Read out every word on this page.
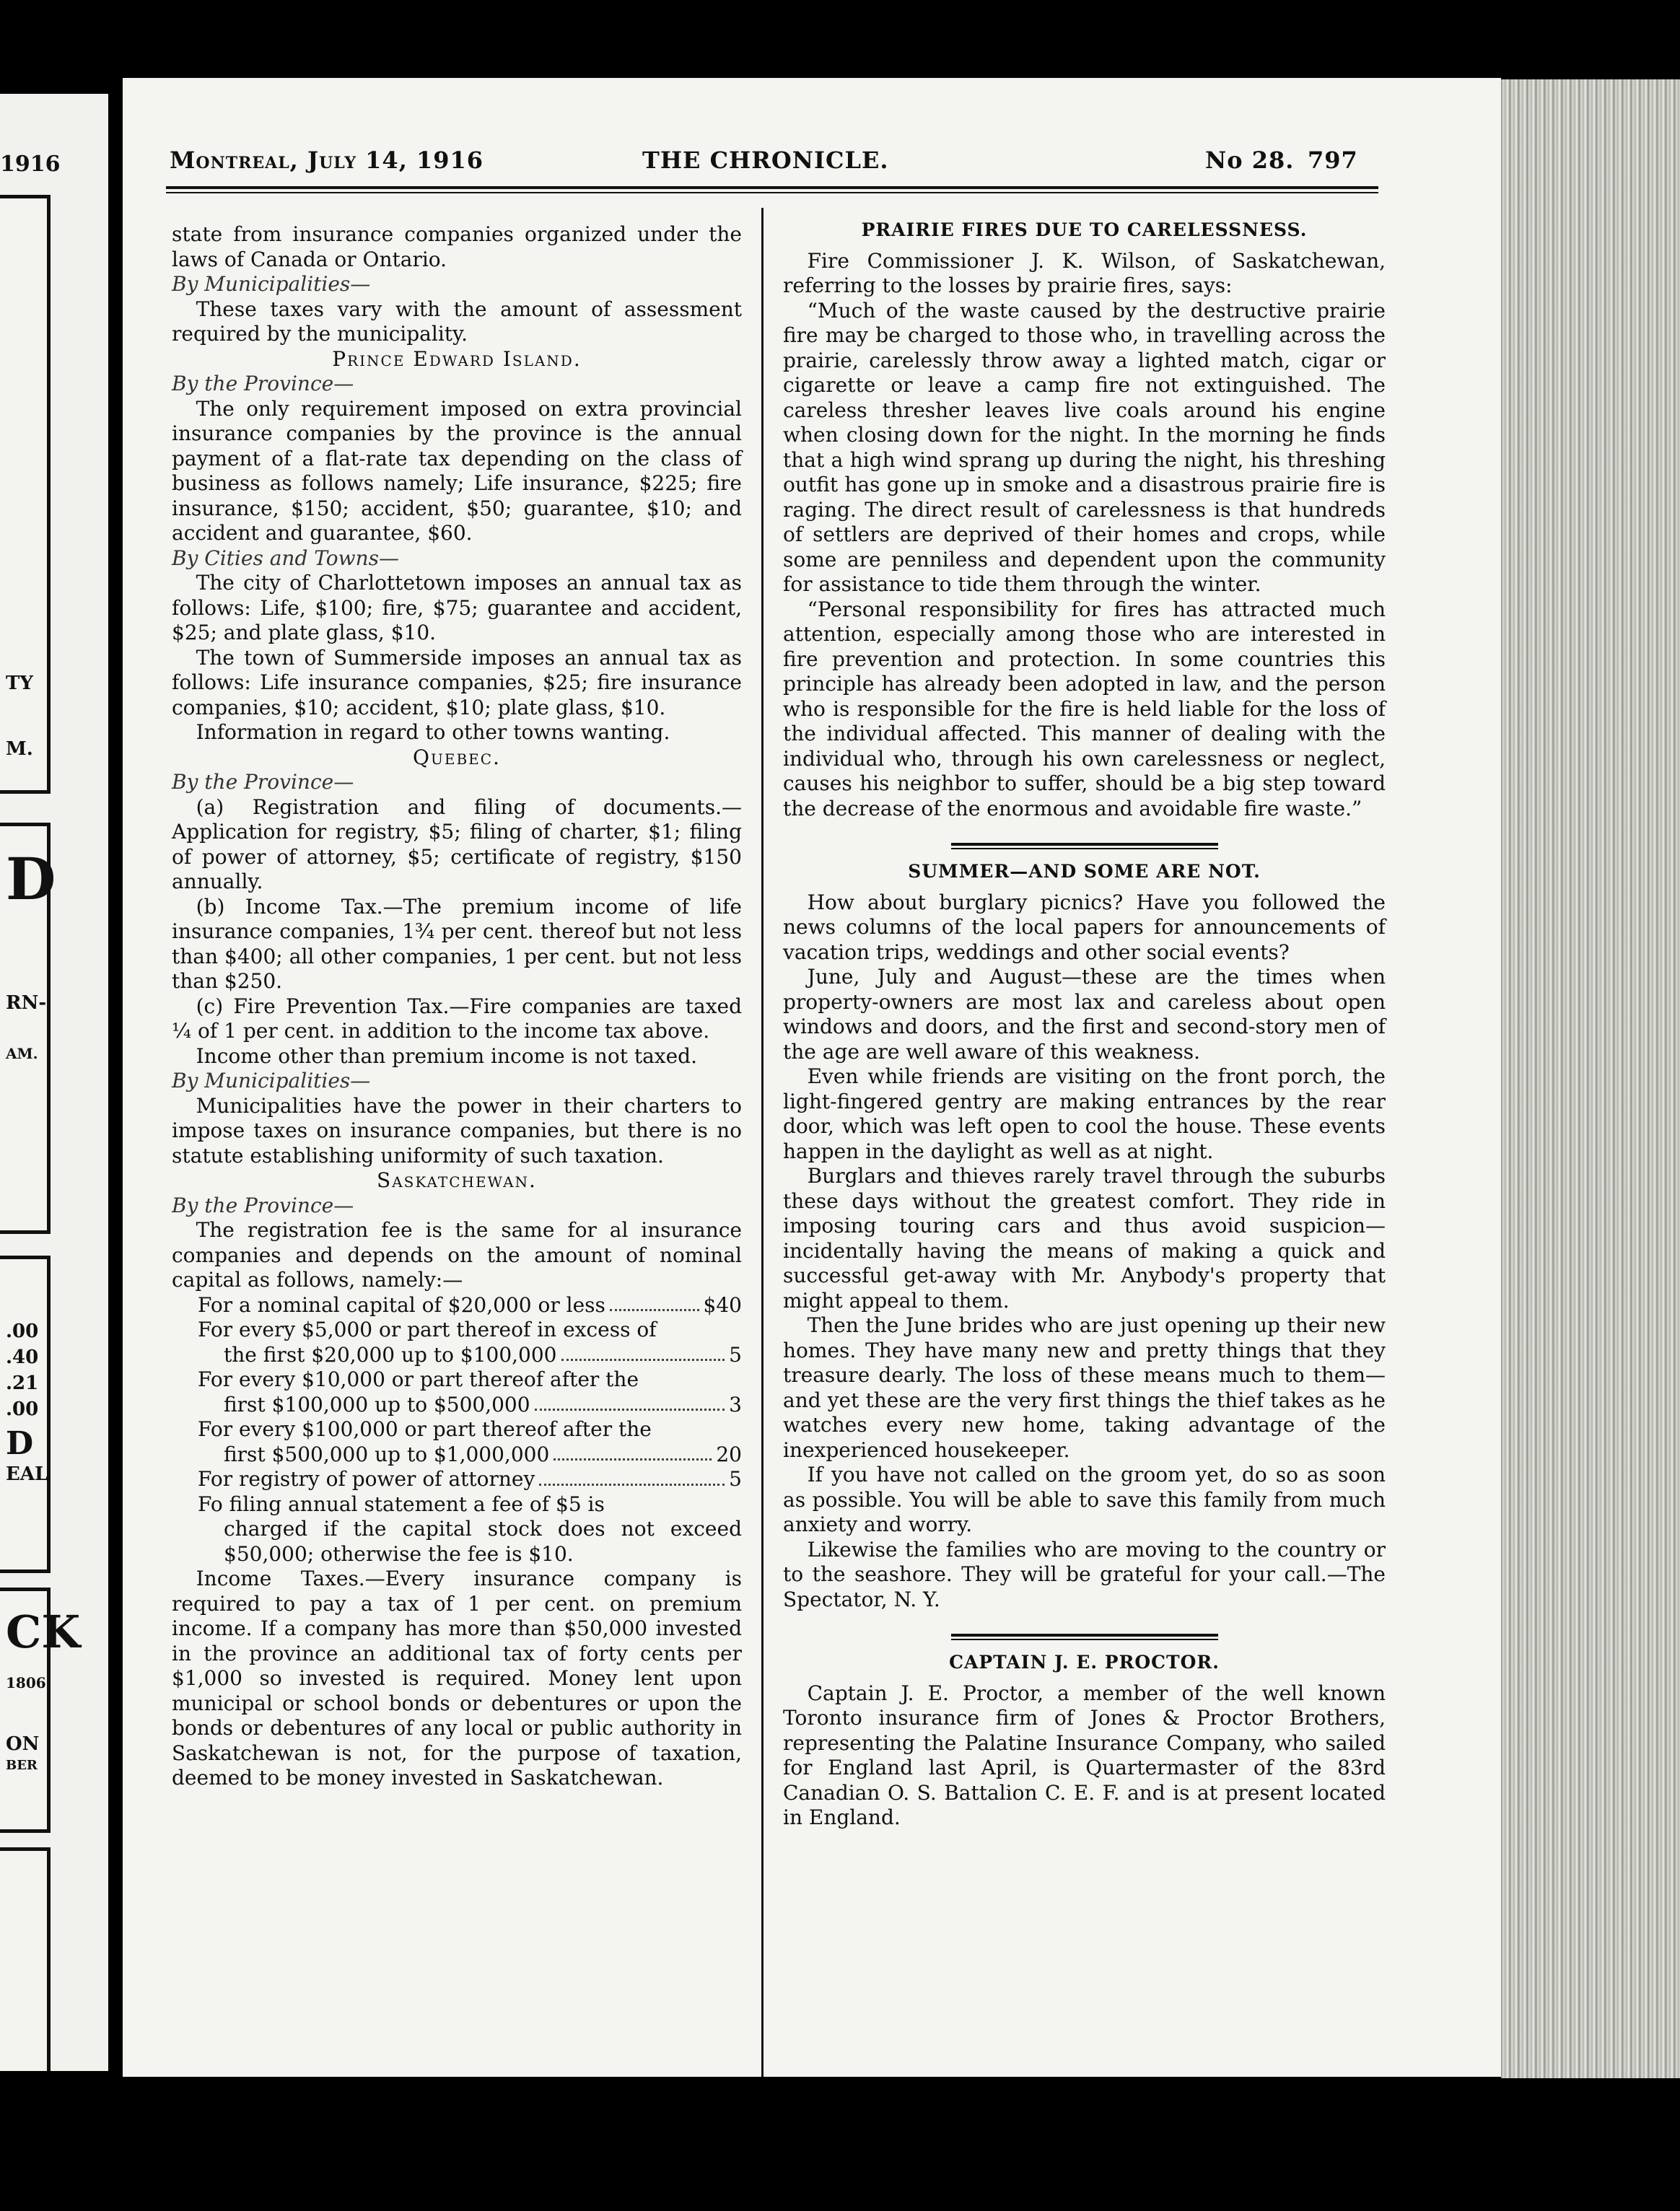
1916
TY
M.
D
RN-
AM.
.00
.40
.21
.00
D
EAL
CK
1806
ON
BER
Montreal, July 14, 1916	THE CHRONICLE.	No 28. 797

state from insurance companies organized under the laws of Canada or Ontario.

By Municipalities—

These taxes vary with the amount of assessment required by the municipality.

Prince Edward Island.

By the Province—

The only requirement imposed on extra provincial insurance companies by the province is the annual payment of a flat-rate tax depending on the class of business as follows namely; Life insurance, $225; fire insurance, $150; accident, $50; guarantee, $10; and accident and guarantee, $60.

By Cities and Towns—

The city of Charlottetown imposes an annual tax as follows: Life, $100; fire, $75; guarantee and accident, $25; and plate glass, $10.

The town of Summerside imposes an annual tax as follows: Life insurance companies, $25; fire insurance companies, $10; accident, $10; plate glass, $10.

Information in regard to other towns wanting.

Quebec.

By the Province—

(a) Registration and filing of documents.—Application for registry, $5; filing of charter, $1; filing of power of attorney, $5; certificate of registry, $150 annually.

(b) Income Tax.—The premium income of life insurance companies, 1¾ per cent. thereof but not less than $400; all other companies, 1 per cent. but not less than $250.

(c) Fire Prevention Tax.—Fire companies are taxed ¼ of 1 per cent. in addition to the income tax above.

Income other than premium income is not taxed.

By Municipalities—

Municipalities have the power in their charters to impose taxes on insurance companies, but there is no statute establishing uniformity of such taxation.

Saskatchewan.

By the Province—

The registration fee is the same for al insurance companies and depends on the amount of nominal capital as follows, namely:—

For a nominal capital of $20,000 or less	$40
For every $5,000 or part thereof in excess of
the first $20,000 up to $100,000	5
For every $10,000 or part thereof after the
first $100,000 up to $500,000	3
For every $100,000 or part thereof after the
first $500,000 up to $1,000,000	20
For registry of power of attorney	5
Fo filing annual statement a fee of $5 is
charged if the capital stock does not exceed $50,000; otherwise the fee is $10.

Income Taxes.—Every insurance company is required to pay a tax of 1 per cent. on premium income. If a company has more than $50,000 invested in the province an additional tax of forty cents per $1,000 so invested is required. Money lent upon municipal or school bonds or debentures or upon the bonds or debentures of any local or public authority in Saskatchewan is not, for the purpose of taxation, deemed to be money invested in Saskatchewan.

PRAIRIE FIRES DUE TO CARELESSNESS.

Fire Commissioner J. K. Wilson, of Saskatchewan, referring to the losses by prairie fires, says:

“Much of the waste caused by the destructive prairie fire may be charged to those who, in travelling across the prairie, carelessly throw away a lighted match, cigar or cigarette or leave a camp fire not extinguished. The careless thresher leaves live coals around his engine when closing down for the night. In the morning he finds that a high wind sprang up during the night, his threshing outfit has gone up in smoke and a disastrous prairie fire is raging. The direct result of carelessness is that hundreds of settlers are deprived of their homes and crops, while some are penniless and dependent upon the community for assistance to tide them through the winter.

“Personal responsibility for fires has attracted much attention, especially among those who are interested in fire prevention and protection. In some countries this principle has already been adopted in law, and the person who is responsible for the fire is held liable for the loss of the individual affected. This manner of dealing with the individual who, through his own carelessness or neglect, causes his neighbor to suffer, should be a big step toward the decrease of the enormous and avoidable fire waste.”

SUMMER—AND SOME ARE NOT.

How about burglary picnics? Have you followed the news columns of the local papers for announcements of vacation trips, weddings and other social events?

June, July and August—these are the times when property-owners are most lax and careless about open windows and doors, and the first and second-story men of the age are well aware of this weakness.

Even while friends are visiting on the front porch, the light-fingered gentry are making entrances by the rear door, which was left open to cool the house. These events happen in the daylight as well as at night.

Burglars and thieves rarely travel through the suburbs these days without the greatest comfort. They ride in imposing touring cars and thus avoid suspicion—incidentally having the means of making a quick and successful get-away with Mr. Anybody's property that might appeal to them.

Then the June brides who are just opening up their new homes. They have many new and pretty things that they treasure dearly. The loss of these means much to them—and yet these are the very first things the thief takes as he watches every new home, taking advantage of the inexperienced housekeeper.

If you have not called on the groom yet, do so as soon as possible. You will be able to save this family from much anxiety and worry.

Likewise the families who are moving to the country or to the seashore. They will be grateful for your call.—The Spectator, N. Y.

CAPTAIN J. E. PROCTOR.

Captain J. E. Proctor, a member of the well known Toronto insurance firm of Jones & Proctor Brothers, representing the Palatine Insurance Company, who sailed for England last April, is Quartermaster of the 83rd Canadian O. S. Battalion C. E. F. and is at present located in England.
